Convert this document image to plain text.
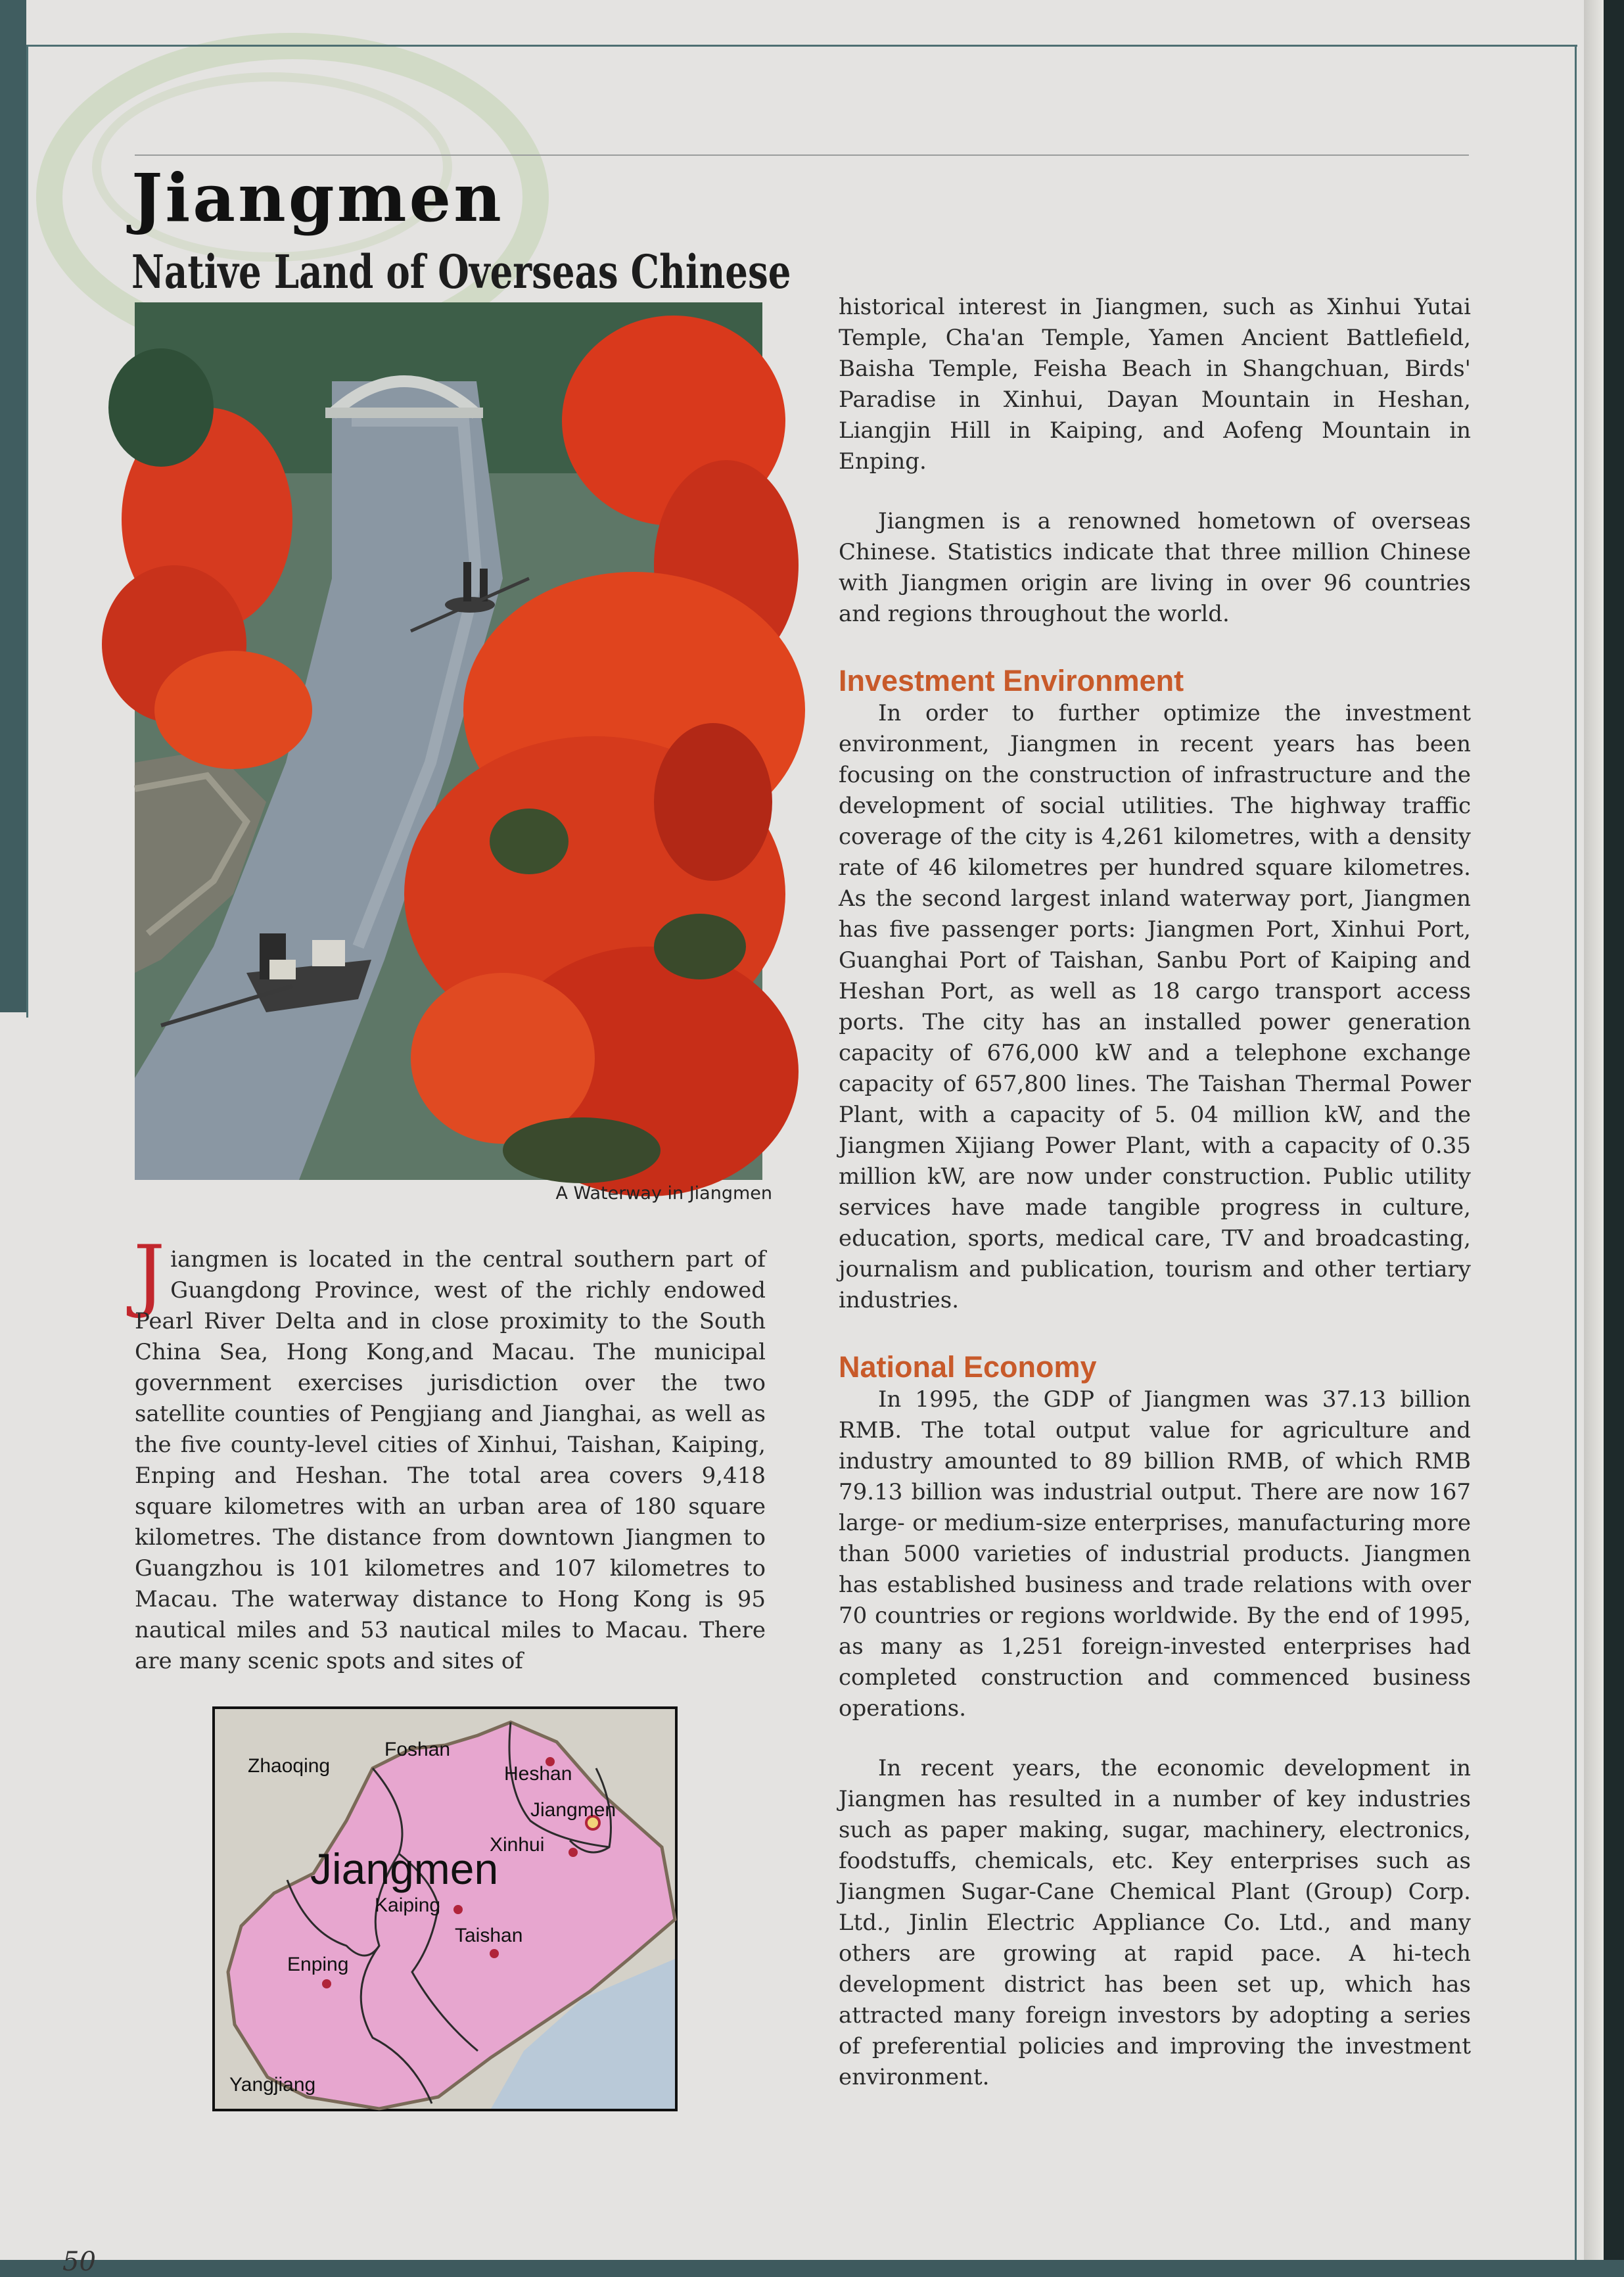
Jiangmen
Native Land of Overseas Chinese
A Waterway in Jiangmen

Jiangmen is located in the central southern part of Guangdong Province, west of the richly endowed Pearl River Delta and in close proximity to the South China Sea, Hong Kong,and Macau. The municipal government exercises jurisdiction over the two satellite counties of Pengjiang and Jianghai, as well as the five county-level cities of Xinhui, Taishan, Kaiping, Enping and Heshan. The total area covers 9,418 square kilometres with an urban area of 180 square kilometres. The distance from downtown Jiangmen to Guangzhou is 101 kilometres and 107 kilometres to Macau. The waterway distance to Hong Kong is 95 nautical miles and 53 nautical miles to Macau. There are many scenic spots and sites of

historical interest in Jiangmen, such as Xinhui Yutai Temple, Cha'an Temple, Yamen Ancient Battlefield, Baisha Temple, Feisha Beach in Shangchuan, Birds' Paradise in Xinhui, Dayan Mountain in Heshan, Liangjin Hill in Kaiping, and Aofeng Mountain in Enping.

Jiangmen is a renowned hometown of overseas Chinese. Statistics indicate that three million Chinese with Jiangmen origin are living in over 96 countries and regions throughout the world.

Investment Environment

In order to further optimize the investment environment, Jiangmen in recent years has been focusing on the construction of infrastructure and the development of social utilities. The highway traffic coverage of the city is 4,261 kilometres, with a density rate of 46 kilometres per hundred square kilometres. As the second largest inland waterway port, Jiangmen has five passenger ports: Jiangmen Port, Xinhui Port, Guanghai Port of Taishan, Sanbu Port of Kaiping and Heshan Port, as well as 18 cargo transport access ports. The city has an installed power generation capacity of 676,000 kW and a telephone exchange capacity of 657,800 lines. The Taishan Thermal Power Plant, with a capacity of 5. 04 million kW, and the Jiangmen Xijiang Power Plant, with a capacity of 0.35 million kW, are now under construction. Public utility services have made tangible progress in culture, education, sports, medical care, TV and broadcasting, journalism and publication, tourism and other tertiary industries.

National Economy

In 1995, the GDP of Jiangmen was 37.13 billion RMB. The total output value for agriculture and industry amounted to 89 billion RMB, of which RMB 79.13 billion was industrial output. There are now 167 large- or medium-size enterprises, manufacturing more than 5000 varieties of industrial products. Jiangmen has established business and trade relations with over 70 countries or regions worldwide. By the end of 1995, as many as 1,251 foreign-invested enterprises had completed construction and commenced business operations.

In recent years, the economic development in Jiangmen has resulted in a number of key industries such as paper making, sugar, machinery, electronics, foodstuffs, chemicals, etc. Key enterprises such as Jiangmen Sugar-Cane Chemical Plant (Group) Corp. Ltd., Jinlin Electric Appliance Co. Ltd., and many others are growing at rapid pace. A hi-tech development district has been set up, which has attracted many foreign investors by adopting a series of preferential policies and improving the investment environment.

Zhaoqing
Foshan
Heshan
Jiangmen
Xinhui
Jiangmen
Kaiping
Taishan
Enping
Yangjiang

50
